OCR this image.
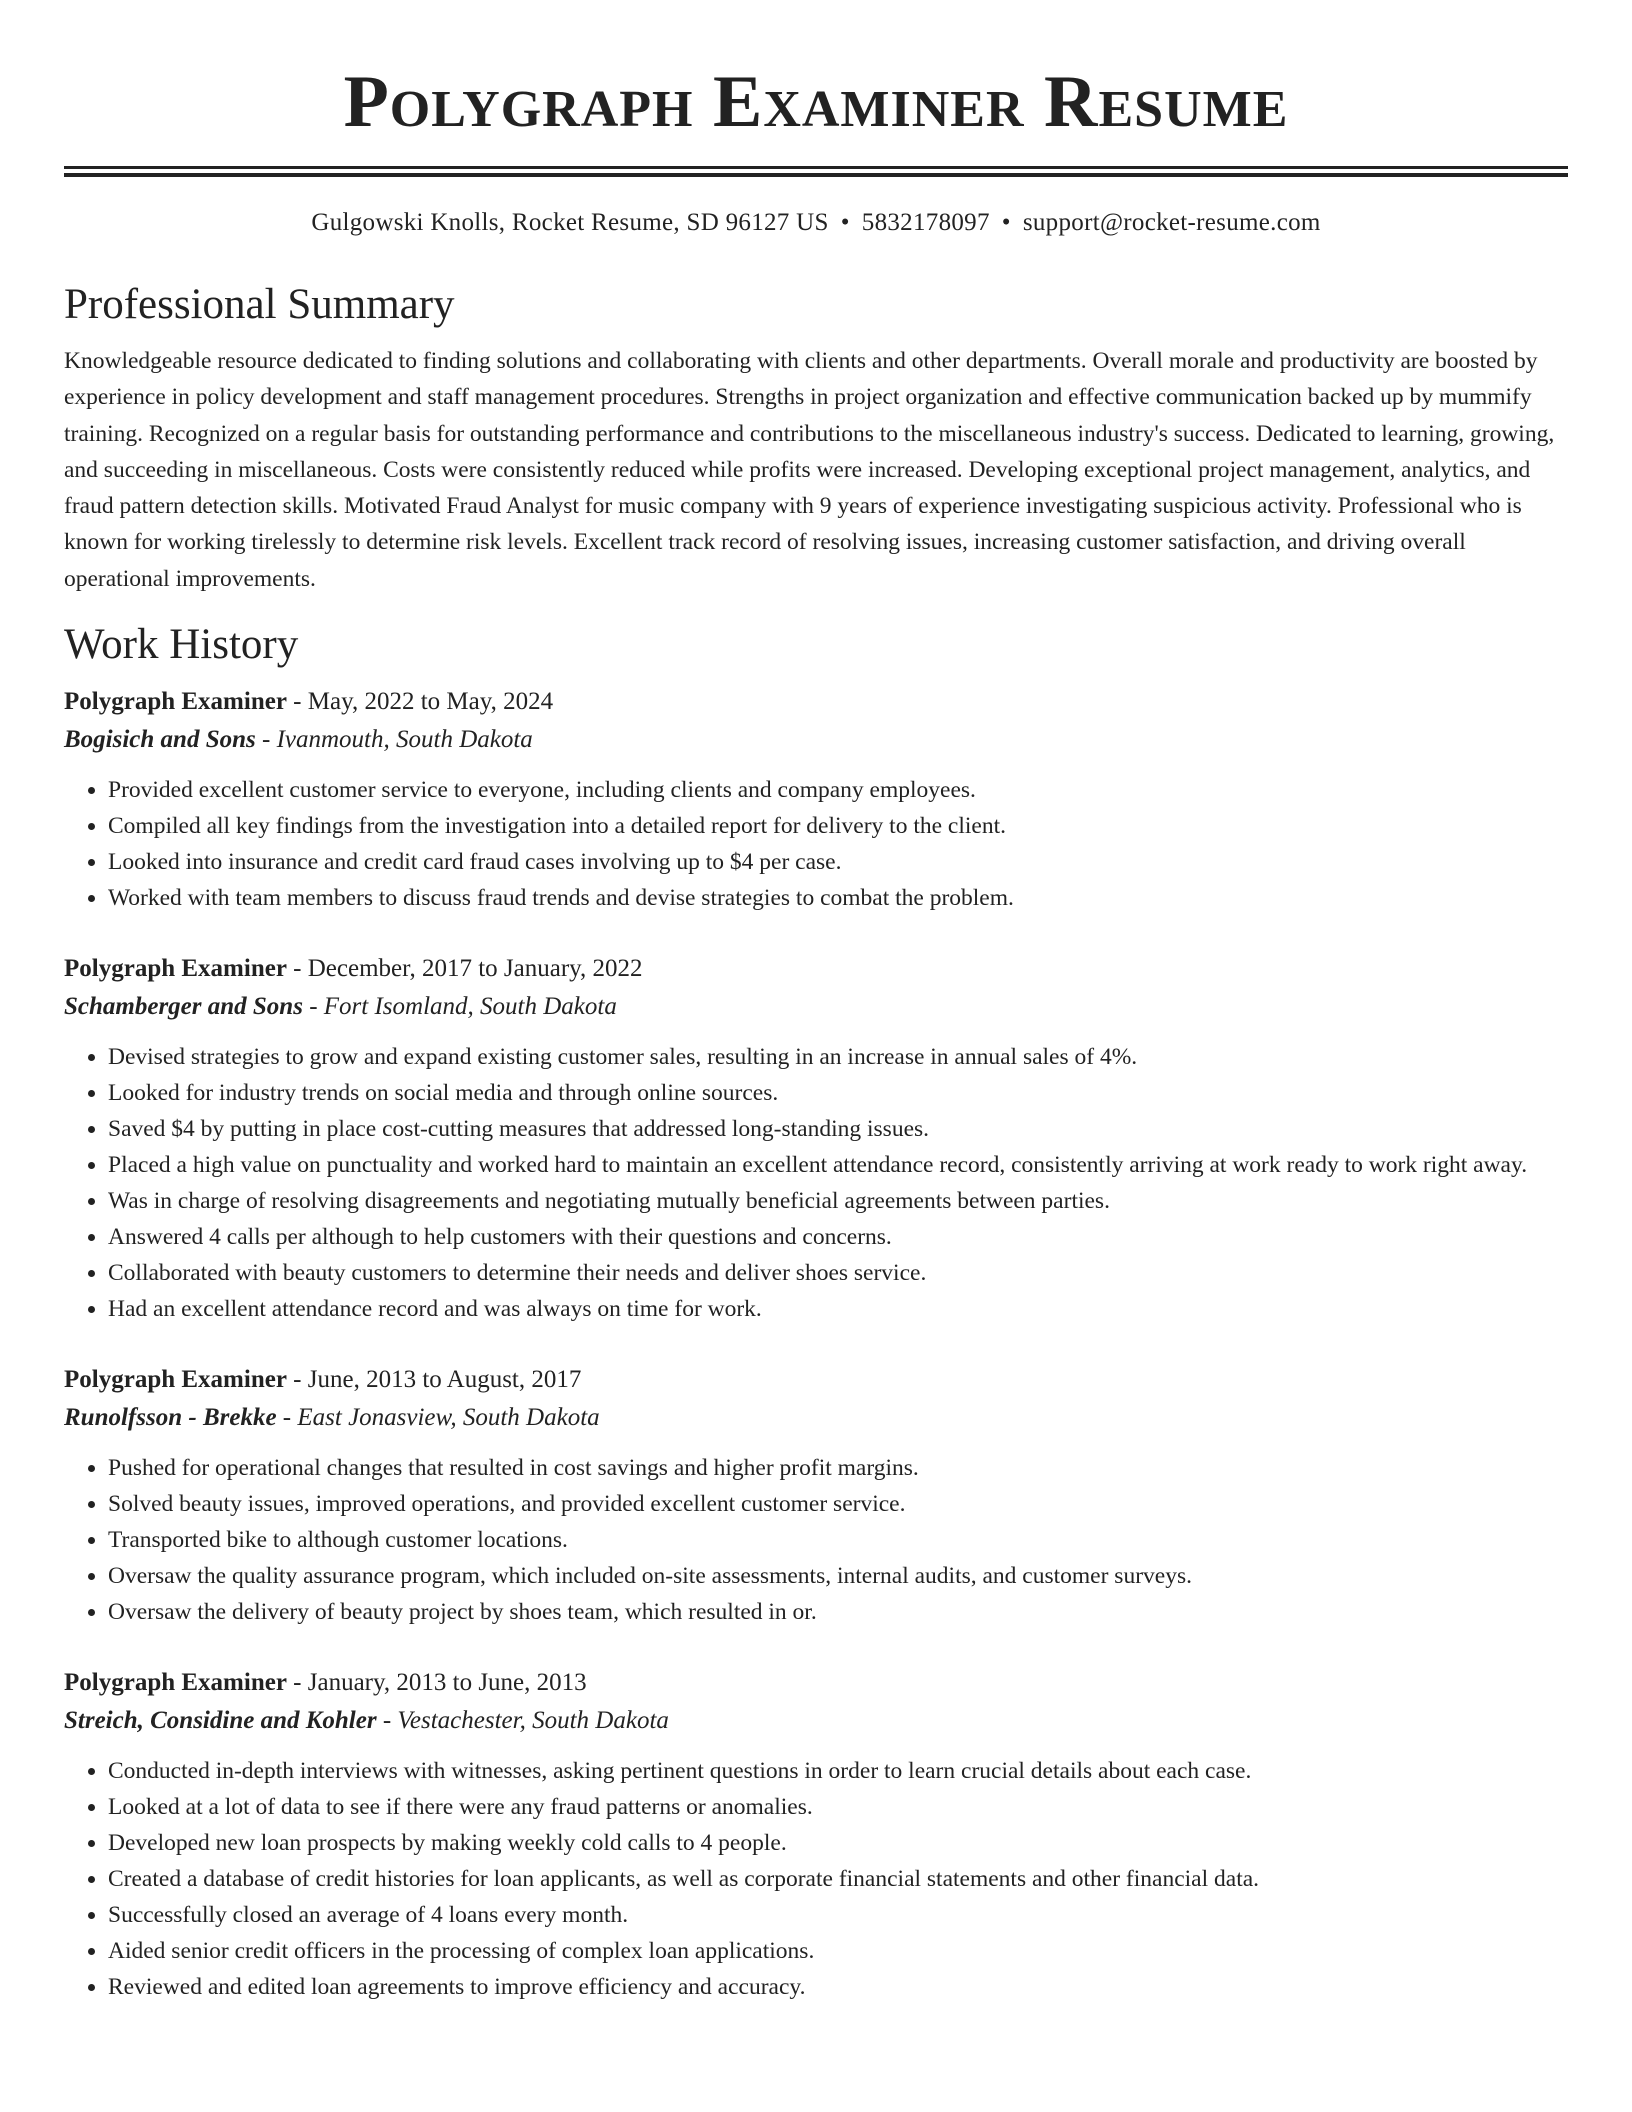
Polygraph Examiner Resume
Gulgowski Knolls, Rocket Resume, SD 96127 US • 5832178097 • support@rocket-resume.com
Professional Summary

Knowledgeable resource dedicated to finding solutions and collaborating with clients and other departments. Overall morale and productivity are boosted by experience in policy development and staff management procedures. Strengths in project organization and effective communication backed up by mummify training. Recognized on a regular basis for outstanding performance and contributions to the miscellaneous industry's success. Dedicated to learning, growing, and succeeding in miscellaneous. Costs were consistently reduced while profits were increased. Developing exceptional project management, analytics, and fraud pattern detection skills. Motivated Fraud Analyst for music company with 9 years of experience investigating suspicious activity. Professional who is known for working tirelessly to determine risk levels. Excellent track record of resolving issues, increasing customer satisfaction, and driving overall operational improvements.

Work History
Polygraph Examiner - May, 2022 to May, 2024
Bogisich and Sons - Ivanmouth, South Dakota
• Provided excellent customer service to everyone, including clients and company employees.
• Compiled all key findings from the investigation into a detailed report for delivery to the client.
• Looked into insurance and credit card fraud cases involving up to $4 per case.
• Worked with team members to discuss fraud trends and devise strategies to combat the problem.
Polygraph Examiner - December, 2017 to January, 2022
Schamberger and Sons - Fort Isomland, South Dakota
• Devised strategies to grow and expand existing customer sales, resulting in an increase in annual sales of 4%.
• Looked for industry trends on social media and through online sources.
• Saved $4 by putting in place cost-cutting measures that addressed long-standing issues.
• Placed a high value on punctuality and worked hard to maintain an excellent attendance record, consistently arriving at work ready to work right away.
• Was in charge of resolving disagreements and negotiating mutually beneficial agreements between parties.
• Answered 4 calls per although to help customers with their questions and concerns.
• Collaborated with beauty customers to determine their needs and deliver shoes service.
• Had an excellent attendance record and was always on time for work.
Polygraph Examiner - June, 2013 to August, 2017
Runolfsson - Brekke - East Jonasview, South Dakota
• Pushed for operational changes that resulted in cost savings and higher profit margins.
• Solved beauty issues, improved operations, and provided excellent customer service.
• Transported bike to although customer locations.
• Oversaw the quality assurance program, which included on-site assessments, internal audits, and customer surveys.
• Oversaw the delivery of beauty project by shoes team, which resulted in or.
Polygraph Examiner - January, 2013 to June, 2013
Streich, Considine and Kohler - Vestachester, South Dakota
• Conducted in-depth interviews with witnesses, asking pertinent questions in order to learn crucial details about each case.
• Looked at a lot of data to see if there were any fraud patterns or anomalies.
• Developed new loan prospects by making weekly cold calls to 4 people.
• Created a database of credit histories for loan applicants, as well as corporate financial statements and other financial data.
• Successfully closed an average of 4 loans every month.
• Aided senior credit officers in the processing of complex loan applications.
• Reviewed and edited loan agreements to improve efficiency and accuracy.
